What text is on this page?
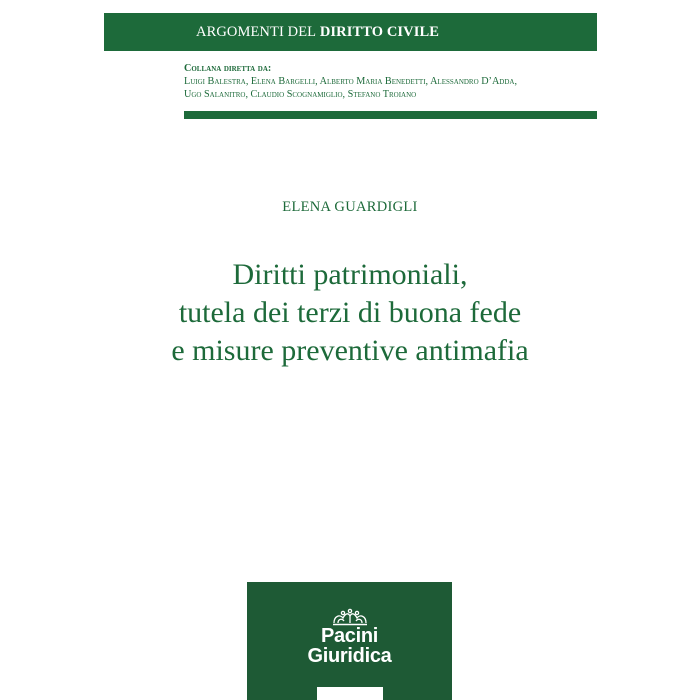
ARGOMENTI DEL
DIRITTO CIVILE
Collana diretta da:
Luigi Balestra, Elena Bargelli, Alberto Maria Benedetti, Alessandro D’Adda,
Ugo Salanitro, Claudio Scognamiglio, Stefano Troiano
ELENA GUARDIGLI
Diritti patrimoniali,
tutela dei terzi di buona fede
e misure preventive antimafia
Pacini
Giuridica
